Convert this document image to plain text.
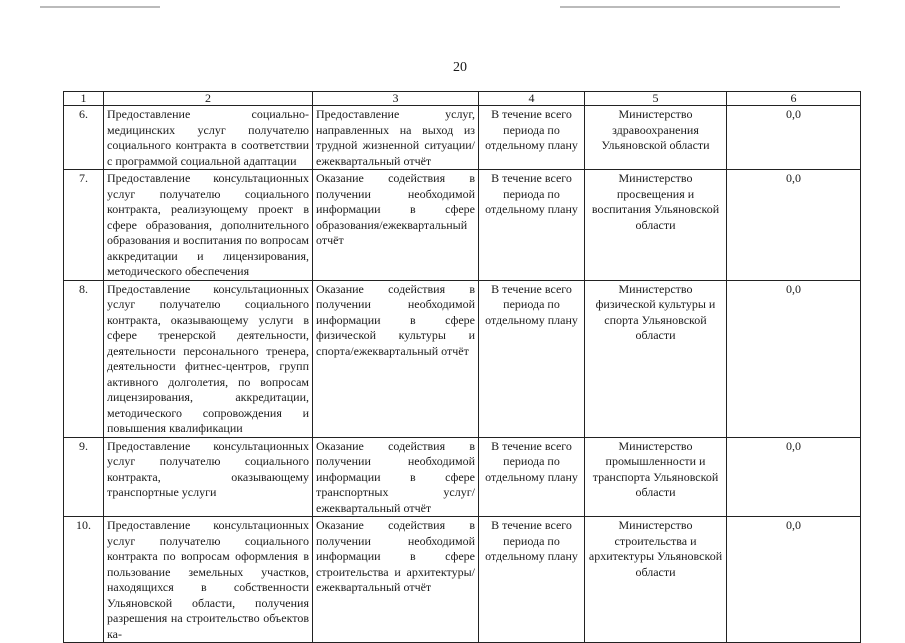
20
1	2	3	4	5	6
6.	Предоставление социально-медицинских услуг получателю социального контракта в соответствии с программой социальной адаптации	Предоставление услуг, направленных на выход из трудной жизненной ситуации/ежеквартальный отчёт	В течение всего периода по отдельному плану	Министерство здравоохранения Ульяновской области	0,0
7.	Предоставление консультационных услуг получателю социального контракта, реализующему проект в сфере образования, дополнительного образования и воспитания по вопросам аккредитации и лицензирования, методического обеспечения	Оказание содействия в получении необходимой информации в сфере образования/ежеквартальный отчёт	В течение всего периода по отдельному плану	Министерство просвещения и воспитания Ульяновской области	0,0
8.	Предоставление консультационных услуг получателю социального контракта, оказывающему услуги в сфере тренерской деятельности, деятельности персонального тренера, деятельности фитнес-центров, групп активного долголетия, по вопросам лицензирования, аккредитации, методического сопровождения и повышения квалификации	Оказание содействия в получении необходимой информации в сфере физической культуры и спорта/ежеквартальный отчёт	В течение всего периода по отдельному плану	Министерство физической культуры и спорта Ульяновской области	0,0
9.	Предоставление консультационных услуг получателю социального контракта, оказывающему транспортные услуги	Оказание содействия в получении необходимой информации в сфере транспортных услуг/ежеквартальный отчёт	В течение всего периода по отдельному плану	Министерство промышленности и транспорта Ульяновской области	0,0
10.	Предоставление консультационных услуг получателю социального контракта по вопросам оформления в пользование земельных участков, находящихся в собственности Ульяновской области, получения разрешения на строительство объектов ка-	Оказание содействия в получении необходимой информации в сфере строительства и архитектуры/ежеквартальный отчёт	В течение всего периода по отдельному плану	Министерство строительства и архитектуры Ульяновской области	0,0
